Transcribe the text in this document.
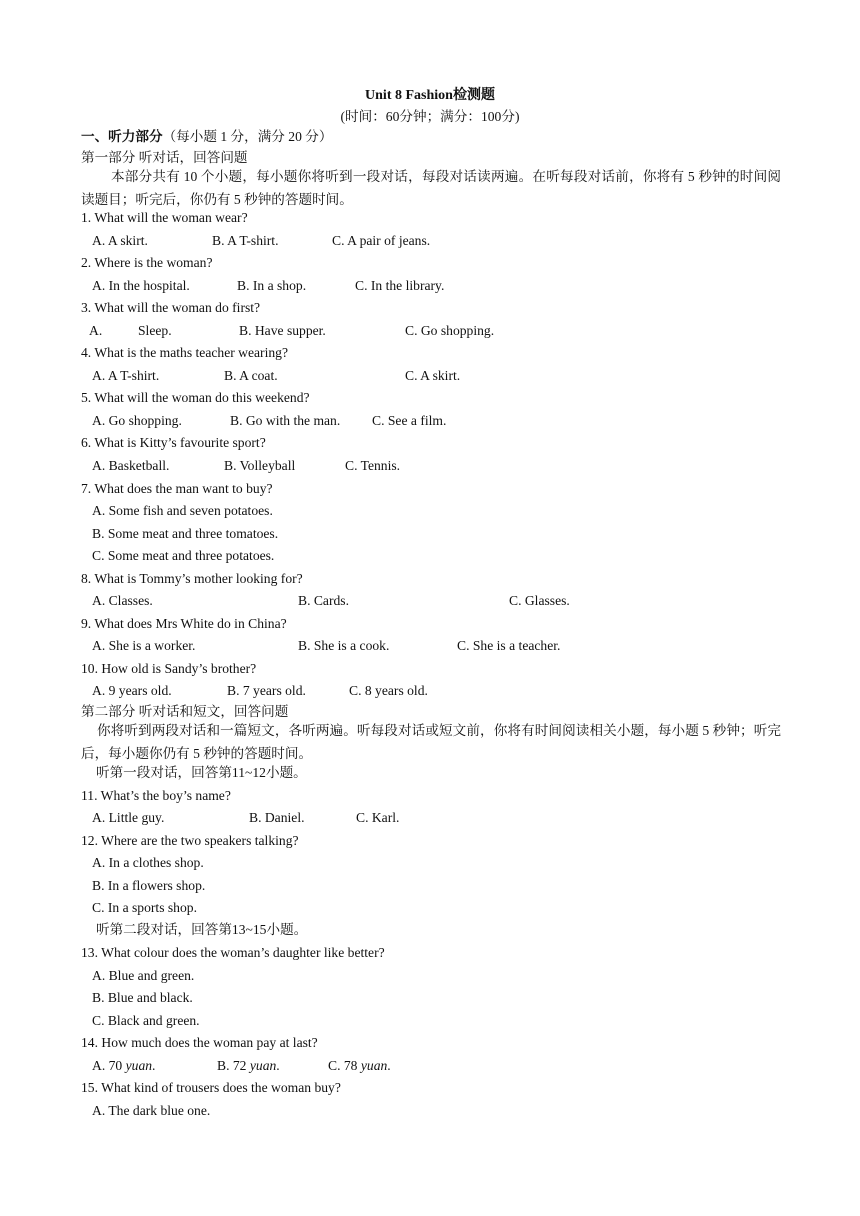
Unit 8 Fashion检测题
(时间：60分钟；满分：100分)
一、听力部分（每小题 1 分，满分 20 分）
第一部分 听对话，回答问题
本部分共有 10 个小题，每小题你将听到一段对话，每段对话读两遍。在听每段对话前，你将有 5 秒钟的时间阅读题目；听完后，你仍有 5 秒钟的答题时间。
1. What will the woman wear?
A. A skirt.	B. A T-shirt.	C. A pair of jeans.
2. Where is the woman?
A. In the hospital.	B. In a shop.	C. In the library.
3. What will the woman do first?
A.	Sleep.	B. Have supper.	C. Go shopping.
4. What is the maths teacher wearing?
A. A T-shirt.	B. A coat.	C. A skirt.
5. What will the woman do this weekend?
A. Go shopping.	B. Go with the man. C. See a film.
6. What is Kitty’s favourite sport?
A. Basketball.	B. Volleyball	C. Tennis.
7. What does the man want to buy?
A. Some fish and seven potatoes.
B. Some meat and three tomatoes.
C. Some meat and three potatoes.
8. What is Tommy’s mother looking for?
A. Classes.	B. Cards.	C. Glasses.
9. What does Mrs White do in China?
A. She is a worker.	B. She is a cook.	C. She is a teacher.
10. How old is Sandy’s brother?
A. 9 years old.	B. 7 years old.	C. 8 years old.
第二部分 听对话和短文，回答问题
你将听到两段对话和一篇短文，各听两遍。听每段对话或短文前，你将有时间阅读相关小题，每小题 5 秒钟；听完后，每小题你仍有 5 秒钟的答题时间。
听第一段对话，回答第11~12小题。
11. What’s the boy’s name?
A. Little guy.	B. Daniel.	C. Karl.
12. Where are the two speakers talking?
A. In a clothes shop.
B. In a flowers shop.
C. In a sports shop.
听第二段对话，回答第13~15小题。
13. What colour does the woman’s daughter like better?
A. Blue and green.
B. Blue and black.
C. Black and green.
14. How much does the woman pay at last?
A. 70 yuan.	B. 72 yuan.	C. 78 yuan.
15. What kind of trousers does the woman buy?
A. The dark blue one.
